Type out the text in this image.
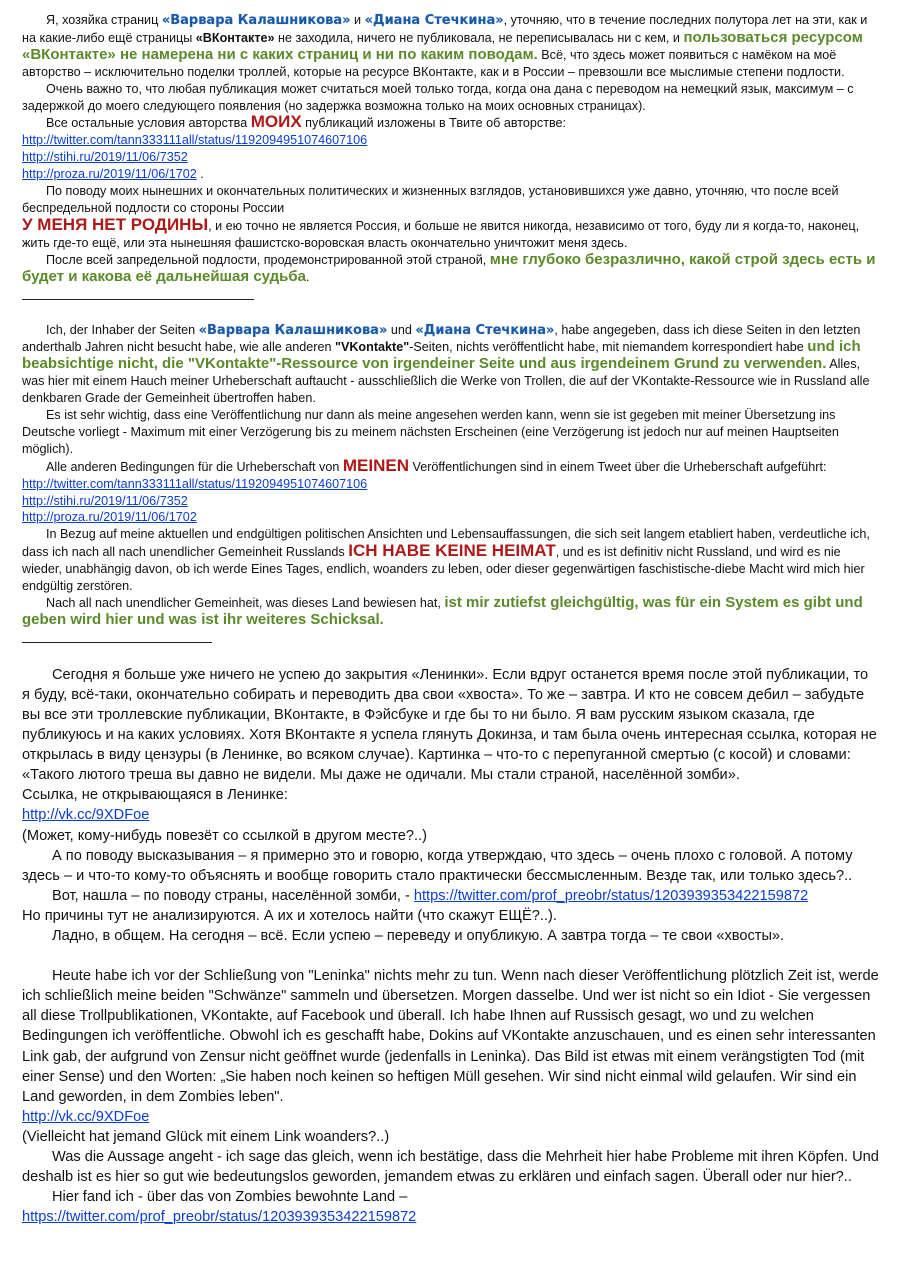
Я, хозяйка страниц «Варвара Калашникова» и «Диана Стечкина», уточняю, что в течение последних полутора лет на эти, как и на какие-либо ещё страницы «ВКонтакте» не заходила, ничего не публиковала, не переписывалась ни с кем, и пользоваться ресурсом «ВКонтакте» не намерена ни с каких страниц и ни по каким поводам. Всё, что здесь может появиться с намёком на моё авторство – исключительно поделки троллей, которые на ресурсе ВКонтакте, как и в России – превзошли все мыслимые степени подлости.

Очень важно то, что любая публикация может считаться моей только тогда, когда она дана с переводом на немецкий язык, максимум – с задержкой до моего следующего появления (но задержка возможна только на моих основных страницах).

Все остальные условия авторства МОИХ публикаций изложены в Твите об авторстве:

http://twitter.com/tann333111all/status/1192094951074607106

http://stihi.ru/2019/11/06/7352

http://proza.ru/2019/11/06/1702 .

По поводу моих нынешних и окончательных политических и жизненных взглядов, установившихся уже давно, уточняю, что после всей беспредельной подлости со стороны России

У МЕНЯ НЕТ РОДИНЫ, и ею точно не является Россия, и больше не явится никогда, независимо от того, буду ли я когда-то, наконец, жить где-то ещё, или эта нынешняя фашистско-воровская власть окончательно уничтожит меня здесь.

После всей запредельной подлости, продемонстрированной этой страной, мне глубоко безразлично, какой строй здесь есть и будет и какова её дальнейшая судьба.

Ich, der Inhaber der Seiten «Варвара Калашникова» und «Диана Стечкина», habe angegeben, dass ich diese Seiten in den letzten anderthalb Jahren nicht besucht habe, wie alle anderen "VKontakte"-Seiten, nichts veröffentlicht habe, mit niemandem korrespondiert habe und ich beabsichtige nicht, die "VKontakte"-Ressource von irgendeiner Seite und aus irgendeinem Grund zu verwenden. Alles, was hier mit einem Hauch meiner Urheberschaft auftaucht - ausschließlich die Werke von Trollen, die auf der VKontakte-Ressource wie in Russland alle denkbaren Grade der Gemeinheit übertroffen haben.

Es ist sehr wichtig, dass eine Veröffentlichung nur dann als meine angesehen werden kann, wenn sie ist gegeben mit meiner Übersetzung ins Deutsche vorliegt - Maximum mit einer Verzögerung bis zu meinem nächsten Erscheinen (eine Verzögerung ist jedoch nur auf meinen Hauptseiten möglich).

Alle anderen Bedingungen für die Urheberschaft von MEINEN Veröffentlichungen sind in einem Tweet über die Urheberschaft aufgeführt:

http://twitter.com/tann333111all/status/1192094951074607106

http://stihi.ru/2019/11/06/7352

http://proza.ru/2019/11/06/1702

In Bezug auf meine aktuellen und endgültigen politischen Ansichten und Lebensauffassungen, die sich seit langem etabliert haben, verdeutliche ich, dass ich nach all nach unendlicher Gemeinheit Russlands ICH HABE KEINE HEIMAT, und es ist definitiv nicht Russland, und wird es nie wieder, unabhängig davon, ob ich werde Eines Tages, endlich, woanders zu leben, oder dieser gegenwärtigen faschistische-diebe Macht wird mich hier endgültig zerstören.

Nach all nach unendlicher Gemeinheit, was dieses Land bewiesen hat, ist mir zutiefst gleichgültig, was für ein System es gibt und geben wird hier und was ist ihr weiteres Schicksal.

Сегодня я больше уже ничего не успею до закрытия «Ленинки». Если вдруг останется время после этой публикации, то я буду, всё-таки, окончательно собирать и переводить два свои «хвоста». То же – завтра. И кто не совсем дебил – забудьте вы все эти троллевские публикации, ВКонтакте, в Фэйсбуке и где бы то ни было. Я вам русским языком сказала, где публикуюсь и на каких условиях. Хотя ВКонтакте я успела глянуть Докинза, и там была очень интересная ссылка, которая не открылась в виду цензуры (в Ленинке, во всяком случае). Картинка – что-то с перепуганной смертью (с косой) и словами: «Такого лютого треша вы давно не видели. Мы даже не одичали. Мы стали страной, населённой зомби».

Ссылка, не открывающаяся в Ленинке:

http://vk.cc/9XDFoe

(Может, кому-нибудь повезёт со ссылкой в другом месте?..)

А по поводу высказывания – я примерно это и говорю, когда утверждаю, что здесь – очень плохо с головой. А потому здесь – и что-то кому-то объяснять и вообще говорить стало практически бессмысленным. Везде так, или только здесь?..

Вот, нашла – по поводу страны, населённой зомби, - https://twitter.com/prof_preobr/status/1203939353422159872

Но причины тут не анализируются. А их и хотелось найти (что скажут ЕЩЁ?..).

Ладно, в общем. На сегодня – всё. Если успею – переведу и опубликую. А завтра тогда – те свои «хвосты».

Heute habe ich vor der Schließung von "Leninka" nichts mehr zu tun. Wenn nach dieser Veröffentlichung plötzlich Zeit ist, werde ich schließlich meine beiden "Schwänze" sammeln und übersetzen. Morgen dasselbe. Und wer ist nicht so ein Idiot - Sie vergessen all diese Trollpublikationen, VKontakte, auf Facebook und überall. Ich habe Ihnen auf Russisch gesagt, wo und zu welchen Bedingungen ich veröffentliche. Obwohl ich es geschafft habe, Dokins auf VKontakte anzuschauen, und es einen sehr interessanten Link gab, der aufgrund von Zensur nicht geöffnet wurde (jedenfalls in Leninka). Das Bild ist etwas mit einem verängstigten Tod (mit einer Sense) und den Worten: „Sie haben noch keinen so heftigen Müll gesehen. Wir sind nicht einmal wild gelaufen. Wir sind ein Land geworden, in dem Zombies leben".

http://vk.cc/9XDFoe

(Vielleicht hat jemand Glück mit einem Link woanders?..)

Was die Aussage angeht - ich sage das gleich, wenn ich bestätige, dass die Mehrheit hier habe Probleme mit ihren Köpfen. Und deshalb ist es hier so gut wie bedeutungslos geworden, jemandem etwas zu erklären und einfach sagen. Überall oder nur hier?..

Hier fand ich - über das von Zombies bewohnte Land –

https://twitter.com/prof_preobr/status/1203939353422159872
